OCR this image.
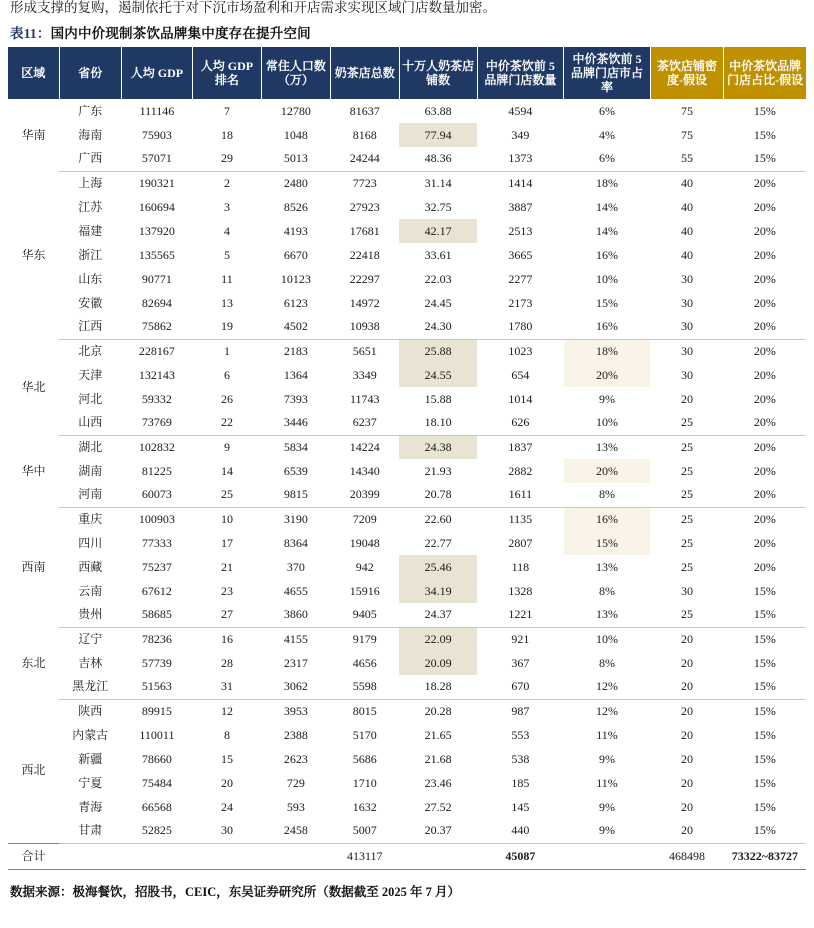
形成支撑的复购，遏制依托于对下沉市场盈利和开店需求实现区域门店数量加密。
表11：国内中价现制茶饮品牌集中度存在提升空间
区域	省份	人均 GDP	人均 GDP 排名	常住人口数（万）	奶茶店总数	十万人奶茶店铺数	中价茶饮前 5 品牌门店数量	中价茶饮前 5 品牌门店市占率	茶饮店铺密度-假设	中价茶饮品牌门店占比-假设
华南	广东	111146	7	12780	81637	63.88	4594	6%	75	15%
	海南	75903	18	1048	8168	77.94	349	4%	75	15%
	广西	57071	29	5013	24244	48.36	1373	6%	55	15%
华东	上海	190321	2	2480	7723	31.14	1414	18%	40	20%
	江苏	160694	3	8526	27923	32.75	3887	14%	40	20%
	福建	137920	4	4193	17681	42.17	2513	14%	40	20%
	浙江	135565	5	6670	22418	33.61	3665	16%	40	20%
	山东	90771	11	10123	22297	22.03	2277	10%	30	20%
	安徽	82694	13	6123	14972	24.45	2173	15%	30	20%
	江西	75862	19	4502	10938	24.30	1780	16%	30	20%
华北	北京	228167	1	2183	5651	25.88	1023	18%	30	20%
	天津	132143	6	1364	3349	24.55	654	20%	30	20%
	河北	59332	26	7393	11743	15.88	1014	9%	20	20%
	山西	73769	22	3446	6237	18.10	626	10%	25	20%
华中	湖北	102832	9	5834	14224	24.38	1837	13%	25	20%
	湖南	81225	14	6539	14340	21.93	2882	20%	25	20%
	河南	60073	25	9815	20399	20.78	1611	8%	25	20%
西南	重庆	100903	10	3190	7209	22.60	1135	16%	25	20%
	四川	77333	17	8364	19048	22.77	2807	15%	25	20%
	西藏	75237	21	370	942	25.46	118	13%	25	20%
	云南	67612	23	4655	15916	34.19	1328	8%	30	15%
	贵州	58685	27	3860	9405	24.37	1221	13%	25	15%
东北	辽宁	78236	16	4155	9179	22.09	921	10%	20	15%
	吉林	57739	28	2317	4656	20.09	367	8%	20	15%
	黑龙江	51563	31	3062	5598	18.28	670	12%	20	15%
西北	陕西	89915	12	3953	8015	20.28	987	12%	20	15%
	内蒙古	110011	8	2388	5170	21.65	553	11%	20	15%
	新疆	78660	15	2623	5686	21.68	538	9%	20	15%
	宁夏	75484	20	729	1710	23.46	185	11%	20	15%
	青海	66568	24	593	1632	27.52	145	9%	20	15%
	甘肃	52825	30	2458	5007	20.37	440	9%	20	15%
合计					413117		45087		468498	73322~83727
数据来源：极海餐饮，招股书，CEIC，东吴证券研究所（数据截至 2025 年 7 月）
